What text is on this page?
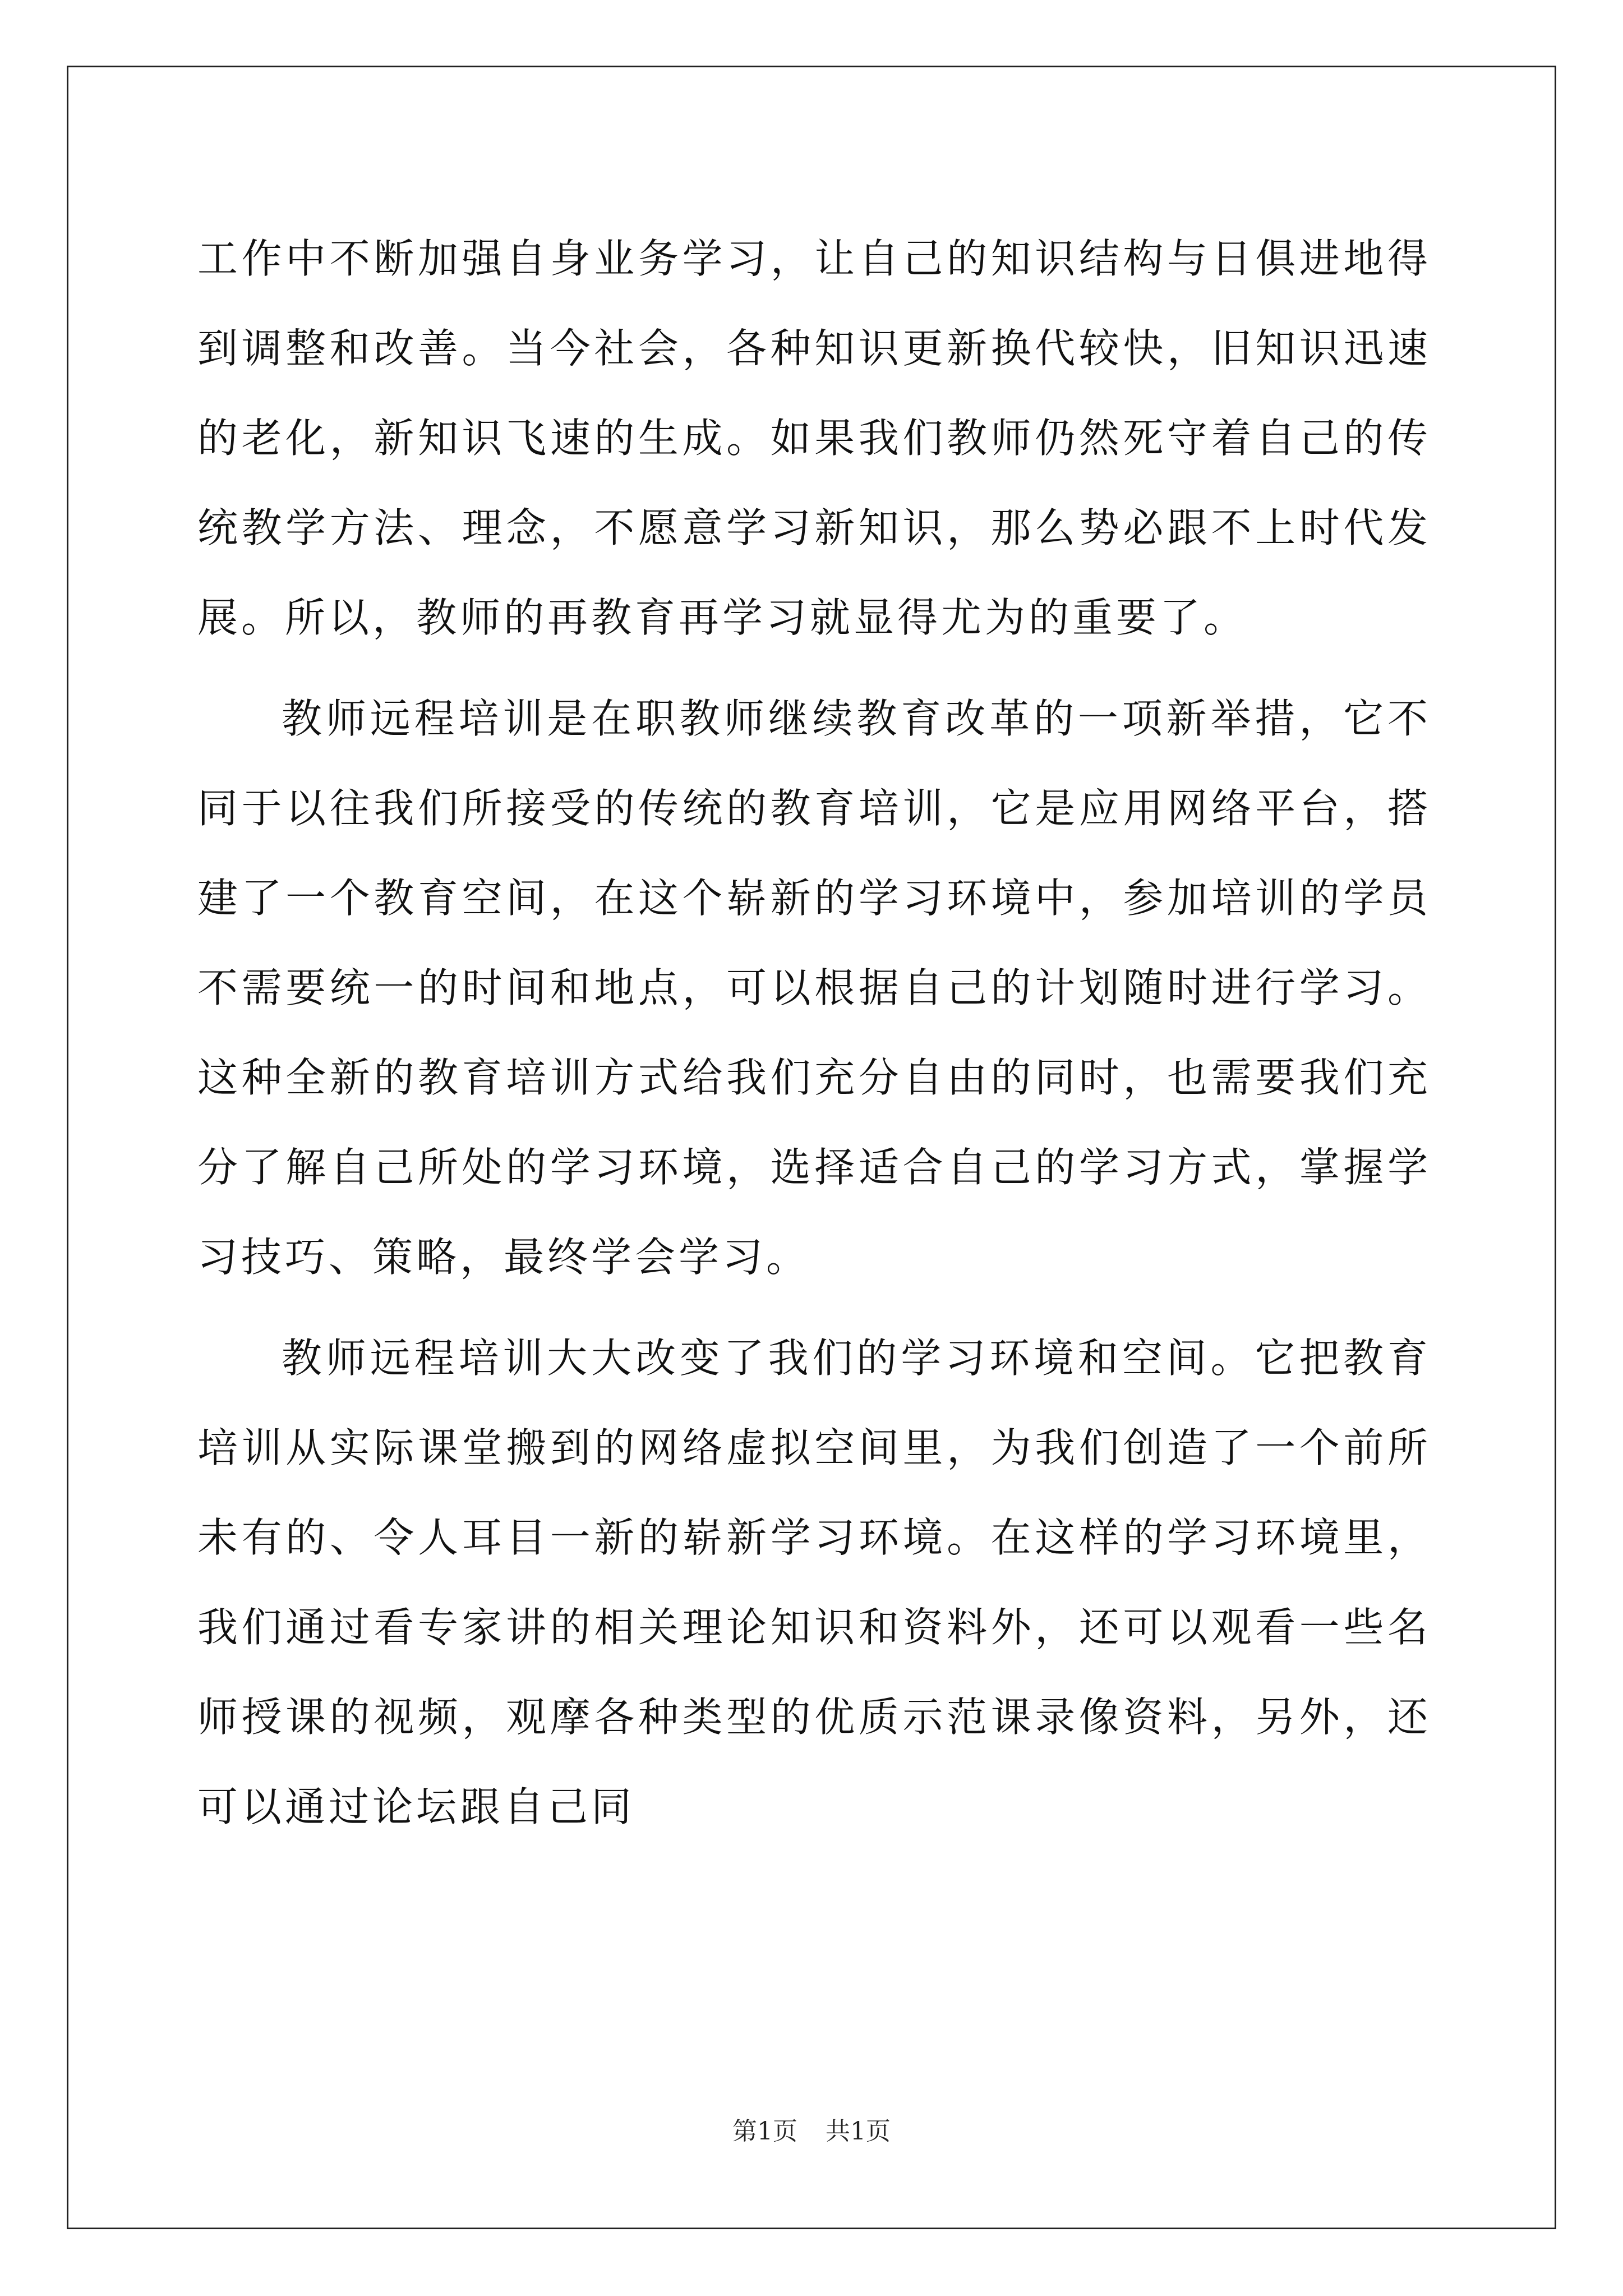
工作中不断加强自身业务学习，让自己的知识结构与日俱进地得到调整和改善。当今社会，各种知识更新换代较快，旧知识迅速的老化，新知识飞速的生成。如果我们教师仍然死守着自己的传统教学方法、理念，不愿意学习新知识，那么势必跟不上时代发展。所以，教师的再教育再学习就显得尤为的重要了。

教师远程培训是在职教师继续教育改革的一项新举措，它不同于以往我们所接受的传统的教育培训，它是应用网络平台，搭建了一个教育空间，在这个崭新的学习环境中，参加培训的学员不需要统一的时间和地点，可以根据自己的计划随时进行学习。这种全新的教育培训方式给我们充分自由的同时，也需要我们充分了解自己所处的学习环境，选择适合自己的学习方式，掌握学习技巧、策略，最终学会学习。

教师远程培训大大改变了我们的学习环境和空间。它把教育培训从实际课堂搬到的网络虚拟空间里，为我们创造了一个前所未有的、令人耳目一新的崭新学习环境。在这样的学习环境里，我们通过看专家讲的相关理论知识和资料外，还可以观看一些名师授课的视频，观摩各种类型的优质示范课录像资料，另外，还可以通过论坛跟自己同

第1页 共1页
